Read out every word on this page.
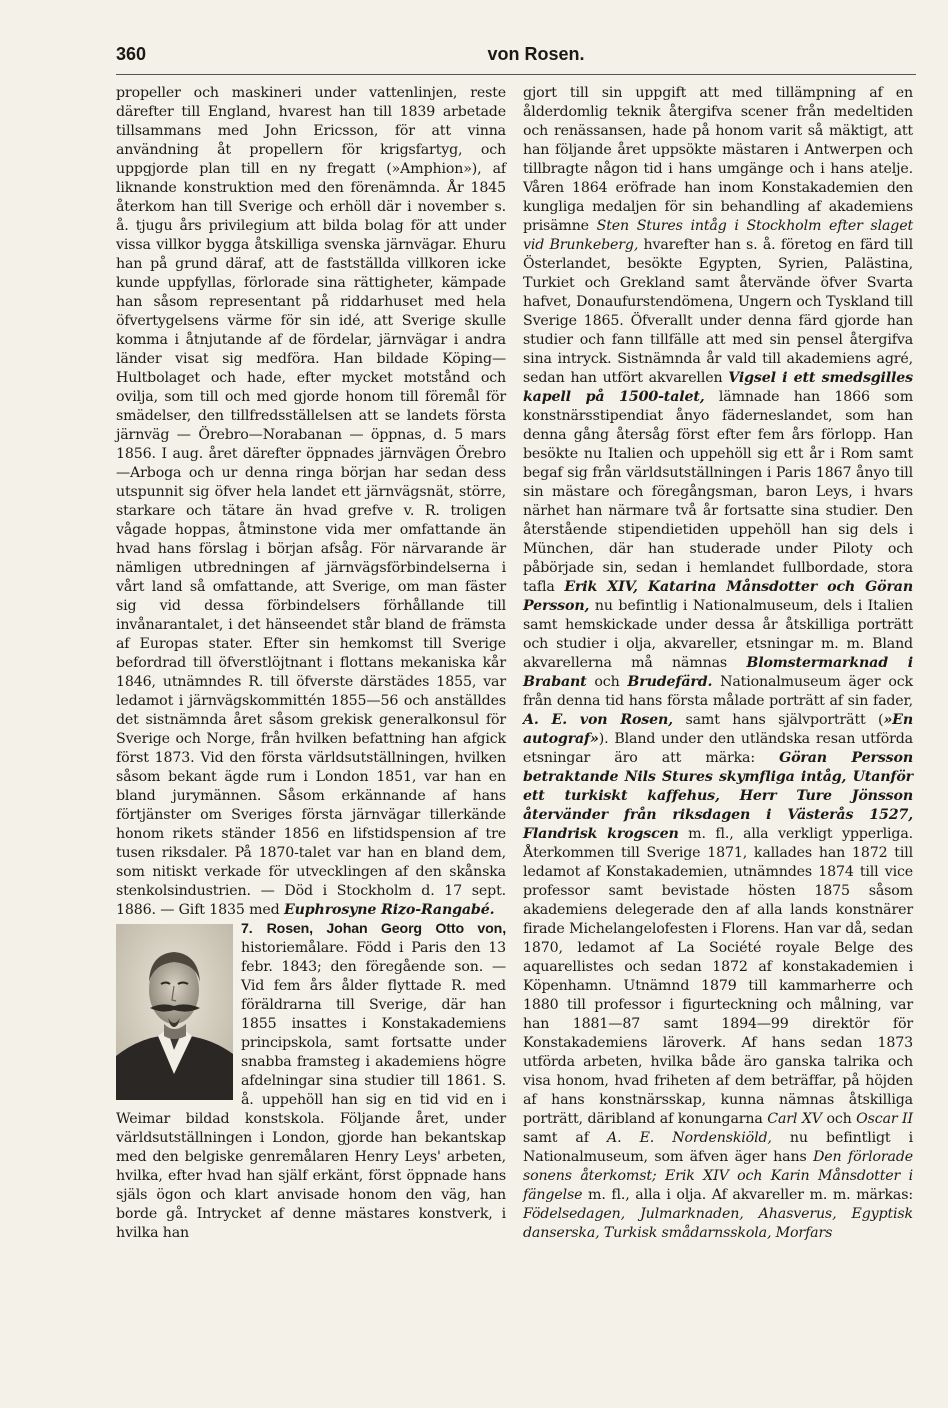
360	von Rosen.

propeller och maskineri under vattenlinjen, reste därefter till England, hvarest han till 1839 arbetade tillsammans med John Ericsson, för att vinna användning åt propellern för krigsfartyg, och uppgjorde plan till en ny fregatt (»Amphion»), af liknande konstruktion med den förenämnda. År 1845 återkom han till Sverige och erhöll där i november s. å. tjugu års privilegium att bilda bolag för att under vissa villkor bygga åtskilliga svenska järnvägar. Ehuru han på grund däraf, att de fastställda villkoren icke kunde uppfyllas, förlorade sina rättigheter, kämpade han såsom representant på riddarhuset med hela öfvertygelsens värme för sin idé, att Sverige skulle komma i åtnjutande af de fördelar, järnvägar i andra länder visat sig medföra. Han bildade Köping—Hultbolaget och hade, efter mycket motstånd och ovilja, som till och med gjorde honom till föremål för smädelser, den tillfredsställelsen att se landets första järnväg — Örebro—Norabanan — öppnas, d. 5 mars 1856. I aug. året därefter öppnades järnvägen Örebro—Arboga och ur denna ringa början har sedan dess utspunnit sig öfver hela landet ett järnvägsnät, större, starkare och tätare än hvad grefve v. R. troligen vågade hoppas, åtminstone vida mer omfattande än hvad hans förslag i början afsåg. För närvarande är nämligen utbredningen af järnvägsförbindelserna i vårt land så omfattande, att Sverige, om man fäster sig vid dessa förbindelsers förhållande till invånarantalet, i det hänseendet står bland de främsta af Europas stater. Efter sin hemkomst till Sverige befordrad till öfverstlöjtnant i flottans mekaniska kår 1846, utnämndes R. till öfverste därstädes 1855, var ledamot i järnvägskommittén 1855—56 och anställdes det sistnämnda året såsom grekisk generalkonsul för Sverige och Norge, från hvilken befattning han afgick först 1873. Vid den första världsutställningen, hvilken såsom bekant ägde rum i London 1851, var han en bland jurymännen. Såsom erkännande af hans förtjänster om Sveriges första järnvägar tillerkände honom rikets ständer 1856 en lifstidspension af tre tusen riksdaler. På 1870-talet var han en bland dem, som nitiskt verkade för utvecklingen af den skånska stenkolsindustrien. — Död i Stockholm d. 17 sept. 1886. — Gift 1835 med Euphrosyne Rizo-Rangabé.

7. Rosen, Johan Georg Otto von,
historiemålare. Född i Paris den 13 febr. 1843; den föregående son. — Vid fem års ålder flyttade R. med föräldrarna till Sverige, där han 1855 insattes i Konstakademiens principskola, samt fortsatte under snabba framsteg i akademiens högre afdelningar sina studier till 1861. S. å. uppehöll han sig en tid vid en i Weimar bildad konstskola. Följande året, under världsutställningen i London, gjorde han bekantskap med den belgiske genremålaren Henry Leys' arbeten, hvilka, efter hvad han själf erkänt, först öppnade hans själs ögon och klart anvisade honom den väg, han borde gå. Intrycket af denne mästares konstverk, i hvilka han

gjort till sin uppgift att med tillämpning af en ålderdomlig teknik återgifva scener från medeltiden och renässansen, hade på honom varit så mäktigt, att han följande året uppsökte mästaren i Antwerpen och tillbragte någon tid i hans umgänge och i hans atelje. Våren 1864 eröfrade han inom Konstakademien den kungliga medaljen för sin behandling af akademiens prisämne Sten Stures intåg i Stockholm efter slaget vid Brunkeberg, hvarefter han s. å. företog en färd till Österlandet, besökte Egypten, Syrien, Palästina, Turkiet och Grekland samt återvände öfver Svarta hafvet, Donaufurstendömena, Ungern och Tyskland till Sverige 1865. Öfverallt under denna färd gjorde han studier och fann tillfälle att med sin pensel återgifva sina intryck. Sistnämnda år vald till akademiens agré, sedan han utfört akvarellen Vigsel i ett smedsgilles kapell på 1500-talet, lämnade han 1866 som konstnärsstipendiat ånyo fäderneslandet, som han denna gång återsåg först efter fem års förlopp. Han besökte nu Italien och uppehöll sig ett år i Rom samt begaf sig från världsutställningen i Paris 1867 ånyo till sin mästare och föregångsman, baron Leys, i hvars närhet han närmare två år fortsatte sina studier. Den återstående stipendietiden uppehöll han sig dels i München, där han studerade under Piloty och påbörjade sin, sedan i hemlandet fullbordade, stora tafla Erik XIV, Katarina Månsdotter och Göran Persson, nu befintlig i Nationalmuseum, dels i Italien samt hemskickade under dessa år åtskilliga porträtt och studier i olja, akvareller, etsningar m. m. Bland akvarellerna må nämnas Blomstermarknad i Brabant och Brudefärd. Nationalmuseum äger ock från denna tid hans första målade porträtt af sin fader, A. E. von Rosen, samt hans självporträtt (»En autograf»). Bland under den utländska resan utförda etsningar äro att märka: Göran Persson betraktande Nils Stures skymfliga intåg, Utanför ett turkiskt kaffehus, Herr Ture Jönsson återvänder från riksdagen i Västerås 1527, Flandrisk krogscen m. fl., alla verkligt ypperliga. Återkommen till Sverige 1871, kallades han 1872 till ledamot af Konstakademien, utnämndes 1874 till vice professor samt bevistade hösten 1875 såsom akademiens delegerade den af alla lands konstnärer firade Michelangelofesten i Florens. Han var då, sedan 1870, ledamot af La Société royale Belge des aquarellistes och sedan 1872 af konstakademien i Köpenhamn. Utnämnd 1879 till kammarherre och 1880 till professor i figurteckning och målning, var han 1881—87 samt 1894—99 direktör för Konstakademiens läroverk. Af hans sedan 1873 utförda arbeten, hvilka både äro ganska talrika och visa honom, hvad friheten af dem beträffar, på höjden af hans konstnärsskap, kunna nämnas åtskilliga porträtt, däribland af konungarna Carl XV och Oscar II samt af A. E. Nordenskiöld, nu befintligt i Nationalmuseum, som äfven äger hans Den förlorade sonens återkomst; Erik XIV och Karin Månsdotter i fängelse m. fl., alla i olja. Af akvareller m. m. märkas: Födelsedagen, Julmarknaden, Ahasverus, Egyptisk danserska, Turkisk smådarnsskola, Morfars
